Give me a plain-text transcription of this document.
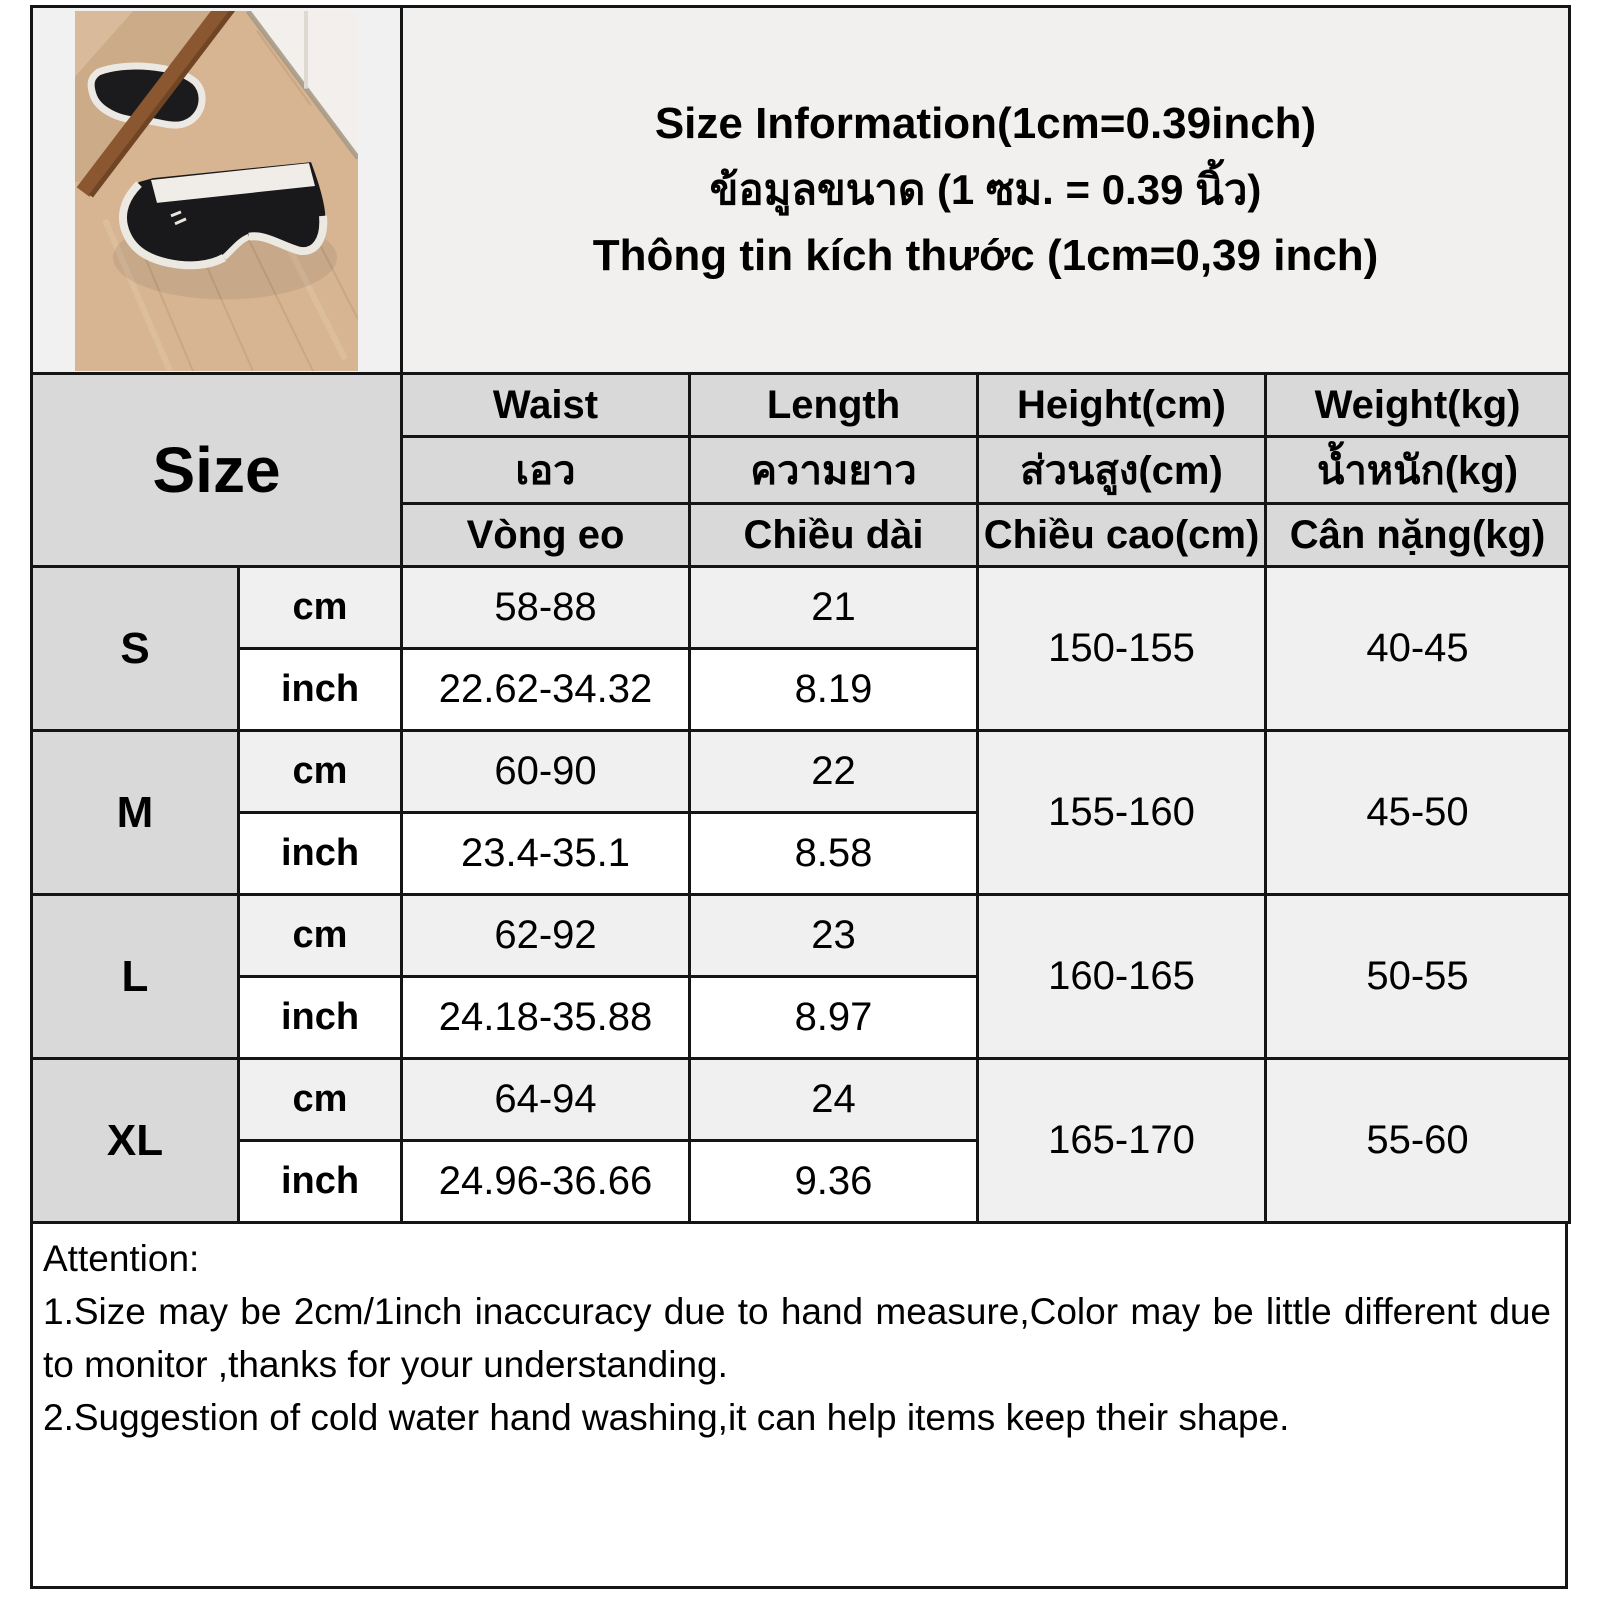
Size Information(1cm=0.39inch)
ข้อมูลขนาด (1 ซม. = 0.39 นิ้ว)
Thông tin kích thước (1cm=0,39 inch)			

Size		Waist	Length	Height(cm)	Weight(kg)
		เอว	ความยาว	ส่วนสูง(cm)	น้ำหนัก(kg)
		Vòng eo	Chiều dài	Chiều cao(cm)	Cân nặng(kg)
S	cm	58-88	21	150-155	40-45
	inch	22.62-34.32	8.19		
M	cm	60-90	22	155-160	45-50
	inch	23.4-35.1	8.58		
L	cm	62-92	23	160-165	50-55
	inch	24.18-35.88	8.97		
XL	cm	64-94	24	165-170	55-60
	inch	24.96-36.66	9.36		
Attention:
1.Size may be 2cm/1inch inaccuracy due to hand measure,Color may be little different due to monitor ,thanks for your understanding.
2.Suggestion of cold water hand washing,it can help items keep their shape.
